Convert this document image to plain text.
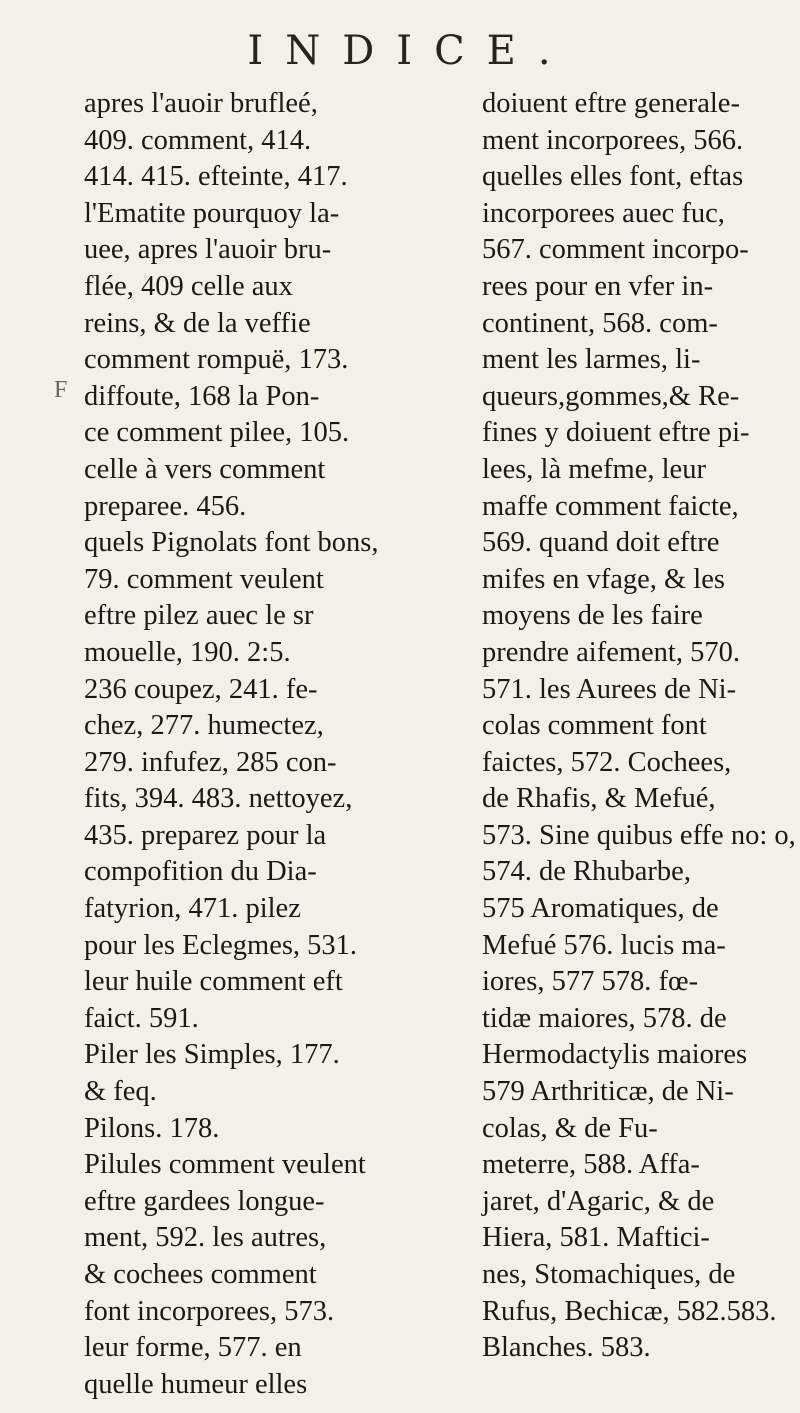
INDICE.
F
apres l'auoir brufleé,
409. comment, 414.
414. 415. efteinte, 417.
l'Ematite pourquoy la-
uee, apres l'auoir bru-
flée, 409 celle aux
reins, & de la veffie
comment rompuë, 173.
diffoute, 168 la Pon-
ce comment pilee, 105.
celle à vers comment
preparee. 456.
quels Pignolats font bons,
79. comment veulent
eftre pilez auec le sr
mouelle, 190. 2:5.
236 coupez, 241. fe-
chez, 277. humectez,
279. infufez, 285 con-
fits, 394. 483. nettoyez,
435. preparez pour la
compofition du Dia-
fatyrion, 471. pilez
pour les Eclegmes, 531.
leur huile comment eft
faict. 591.
Piler les Simples, 177.
& feq.
Pilons. 178.
Pilules comment veulent
eftre gardees longue-
ment, 592. les autres,
& cochees comment
font incorporees, 573.
leur forme, 577. en
quelle humeur elles
doiuent eftre generale-
ment incorporees, 566.
quelles elles font, eftas
incorporees auec fuc,
567. comment incorpo-
rees pour en vfer in-
continent, 568. com-
ment les larmes, li-
queurs,gommes,& Re-
fines y doiuent eftre pi-
lees, là mefme, leur
maffe comment faicte,
569. quand doit eftre
mifes en vfage, & les
moyens de les faire
prendre aifement, 570.
571. les Aurees de Ni-
colas comment font
faictes, 572. Cochees,
de Rhafis, & Mefué,
573. Sine quibus effe no: o,
574. de Rhubarbe,
575 Aromatiques, de
Mefué 576. lucis ma-
iores, 577 578. fœ-
tidæ maiores, 578. de
Hermodactylis maiores
579 Arthriticæ, de Ni-
colas, & de Fu-
meterre, 588. Affa-
jaret, d'Agaric, & de
Hiera, 581. Maftici-
nes, Stomachiques, de
Rufus, Bechicæ, 582.583.
Blanches. 583.
